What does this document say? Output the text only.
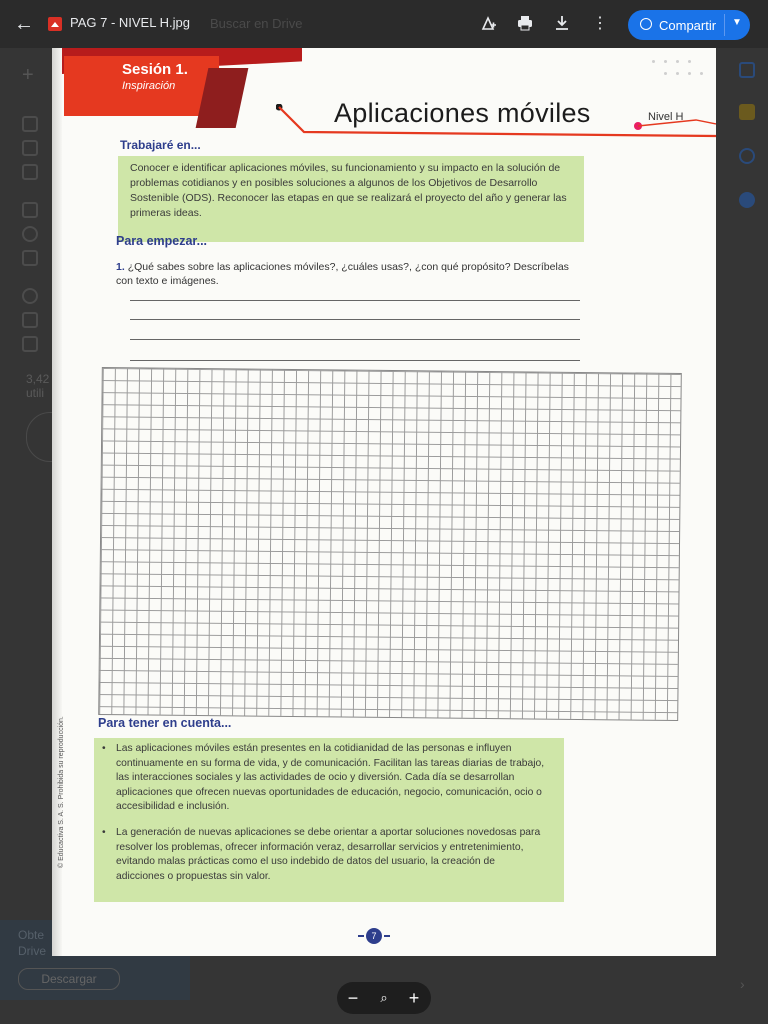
+
3,42
utili
›
Obte
Drive
Descargar
←	PAG 7 - NIVEL H.jpg Buscar en Drive	⋮	Compartir ▼
Sesión 1.
Inspiración
Aplicaciones móviles	Nivel H
Trabajaré en...
Conocer e identificar aplicaciones móviles, su funcionamiento y su impacto en la solución de problemas cotidianos y en posibles soluciones a algunos de los Objetivos de Desarrollo Sostenible (ODS). Reconocer las etapas en que se realizará el proyecto del año y generar las primeras ideas.
Para empezar...
1. ¿Qué sabes sobre las aplicaciones móviles?, ¿cuáles usas?, ¿con qué propósito? Descríbelas con texto e imágenes.
Para tener en cuenta...
• Las aplicaciones móviles están presentes en la cotidianidad de las personas e influyen continuamente en su forma de vida, y de comunicación. Facilitan las tareas diarias de trabajo, las interacciones sociales y las actividades de ocio y diversión. Cada día se desarrollan aplicaciones que ofrecen nuevas oportunidades de educación, negocio, comunicación, ocio o accesibilidad e inclusión.
• La generación de nuevas aplicaciones se debe orientar a aportar soluciones novedosas para resolver los problemas, ofrecer información veraz, desarrollar servicios y entretenimiento, evitando malas prácticas como el uso indebido de datos del usuario, la creación de adicciones o propuestas sin valor.
© Educactiva S. A. S. Prohibida su reproducción.
7
−	⌕	+
